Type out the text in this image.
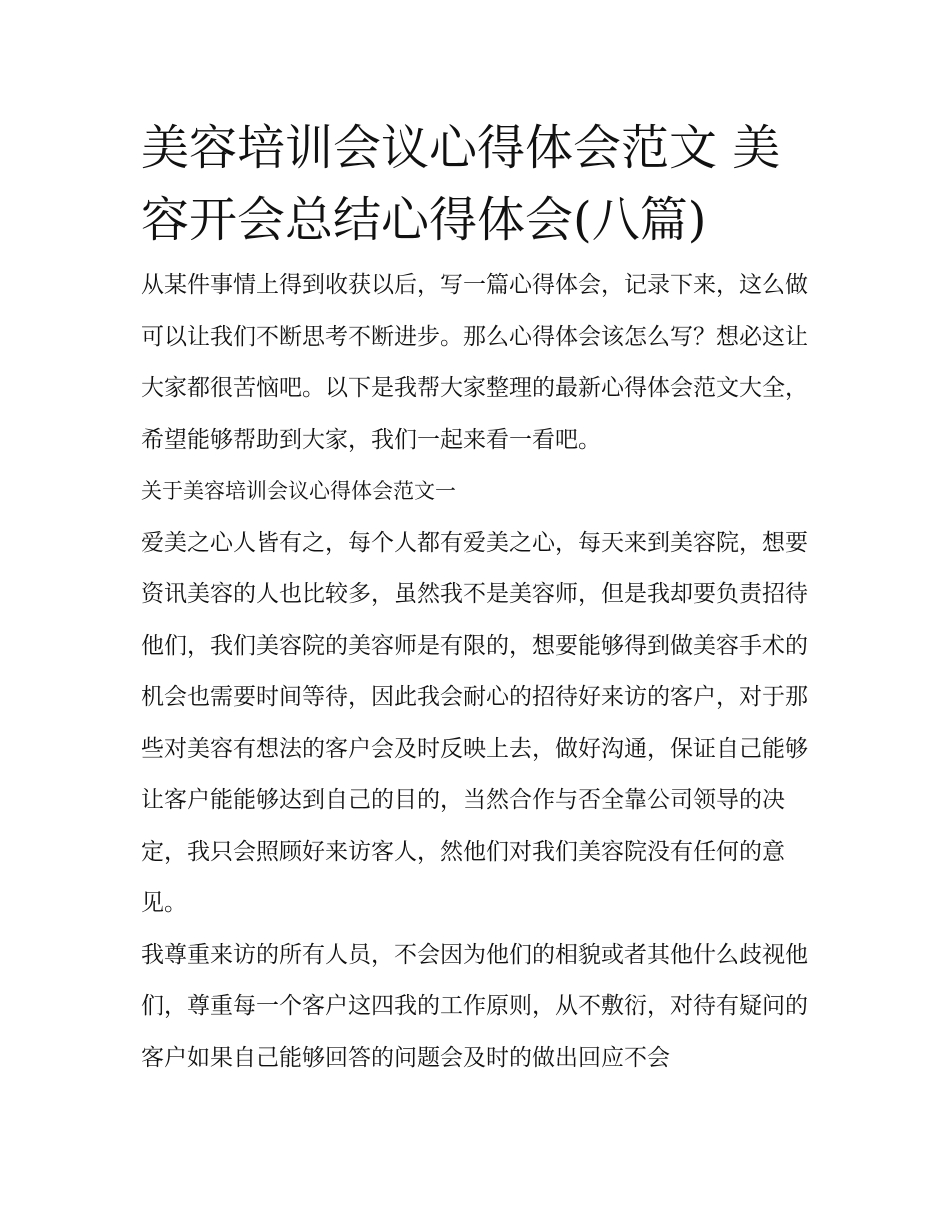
美容培训会议心得体会范文 美容开会总结心得体会(八篇)

从某件事情上得到收获以后，写一篇心得体会，记录下来，这么做可以让我们不断思考不断进步。那么心得体会该怎么写？想必这让大家都很苦恼吧。以下是我帮大家整理的最新心得体会范文大全，希望能够帮助到大家，我们一起来看一看吧。

关于美容培训会议心得体会范文一

爱美之心人皆有之，每个人都有爱美之心，每天来到美容院，想要资讯美容的人也比较多，虽然我不是美容师，但是我却要负责招待他们，我们美容院的美容师是有限的，想要能够得到做美容手术的机会也需要时间等待，因此我会耐心的招待好来访的客户，对于那些对美容有想法的客户会及时反映上去，做好沟通，保证自己能够让客户能能够达到自己的目的，当然合作与否全靠公司领导的决定，我只会照顾好来访客人，然他们对我们美容院没有任何的意见。

我尊重来访的所有人员，不会因为他们的相貌或者其他什么歧视他们，尊重每一个客户这四我的工作原则，从不敷衍，对待有疑问的客户如果自己能够回答的问题会及时的做出回应不会
